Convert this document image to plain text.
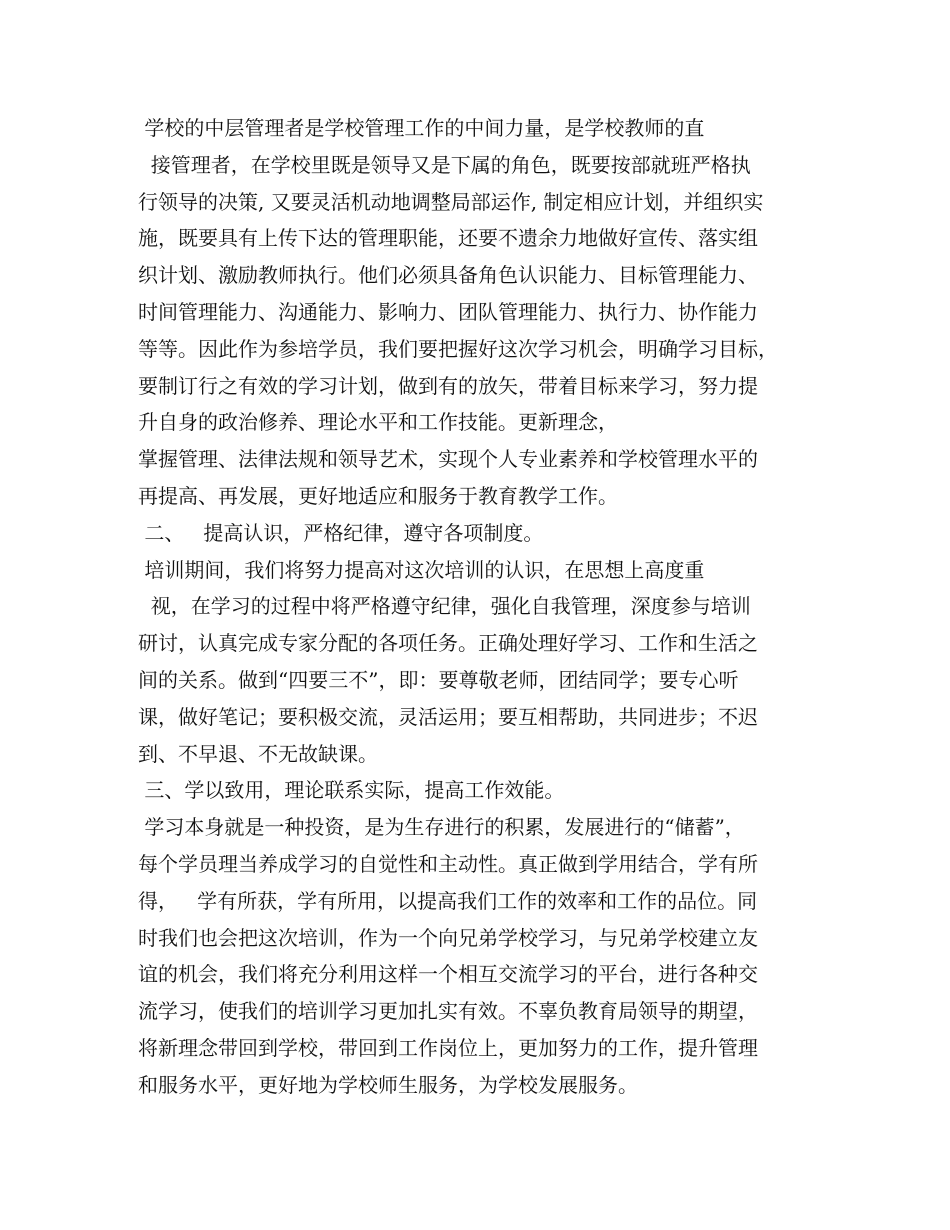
学校的中层管理者是学校管理工作的中间力量，是学校教师的直
接管理者，在学校里既是领导又是下属的角色，既要按部就班严格执
行领导的决策, 又要灵活机动地调整局部运作, 制定相应计划，并组织实
施，既要具有上传下达的管理职能，还要不遗余力地做好宣传、落实组
织计划、激励教师执行。他们必须具备角色认识能力、目标管理能力、
时间管理能力、沟通能力、影响力、团队管理能力、执行力、协作能力
等等。因此作为参培学员，我们要把握好这次学习机会，明确学习目标，
要制订行之有效的学习计划，做到有的放矢，带着目标来学习，努力提
升自身的政治修养、理论水平和工作技能。更新理念，
掌握管理、法律法规和领导艺术，实现个人专业素养和学校管理水平的
再提高、再发展，更好地适应和服务于教育教学工作。
二、   提高认识，严格纪律，遵守各项制度。
培训期间，我们将努力提高对这次培训的认识，在思想上高度重
视，在学习的过程中将严格遵守纪律，强化自我管理，深度参与培训
研讨，认真完成专家分配的各项任务。正确处理好学习、工作和生活之
间的关系。做到“四要三不”，即：要尊敬老师，团结同学；要专心听
课，做好笔记；要积极交流，灵活运用；要互相帮助，共同进步；不迟
到、不早退、不无故缺课。
三、学以致用，理论联系实际，提高工作效能。
学习本身就是一种投资，是为生存进行的积累，发展进行的“储蓄”，
每个学员理当养成学习的自觉性和主动性。真正做到学用结合，学有所
得，   学有所获，学有所用，以提高我们工作的效率和工作的品位。同
时我们也会把这次培训，作为一个向兄弟学校学习，与兄弟学校建立友
谊的机会，我们将充分利用这样一个相互交流学习的平台，进行各种交
流学习，使我们的培训学习更加扎实有效。不辜负教育局领导的期望，
将新理念带回到学校，带回到工作岗位上，更加努力的工作，提升管理
和服务水平，更好地为学校师生服务，为学校发展服务。
